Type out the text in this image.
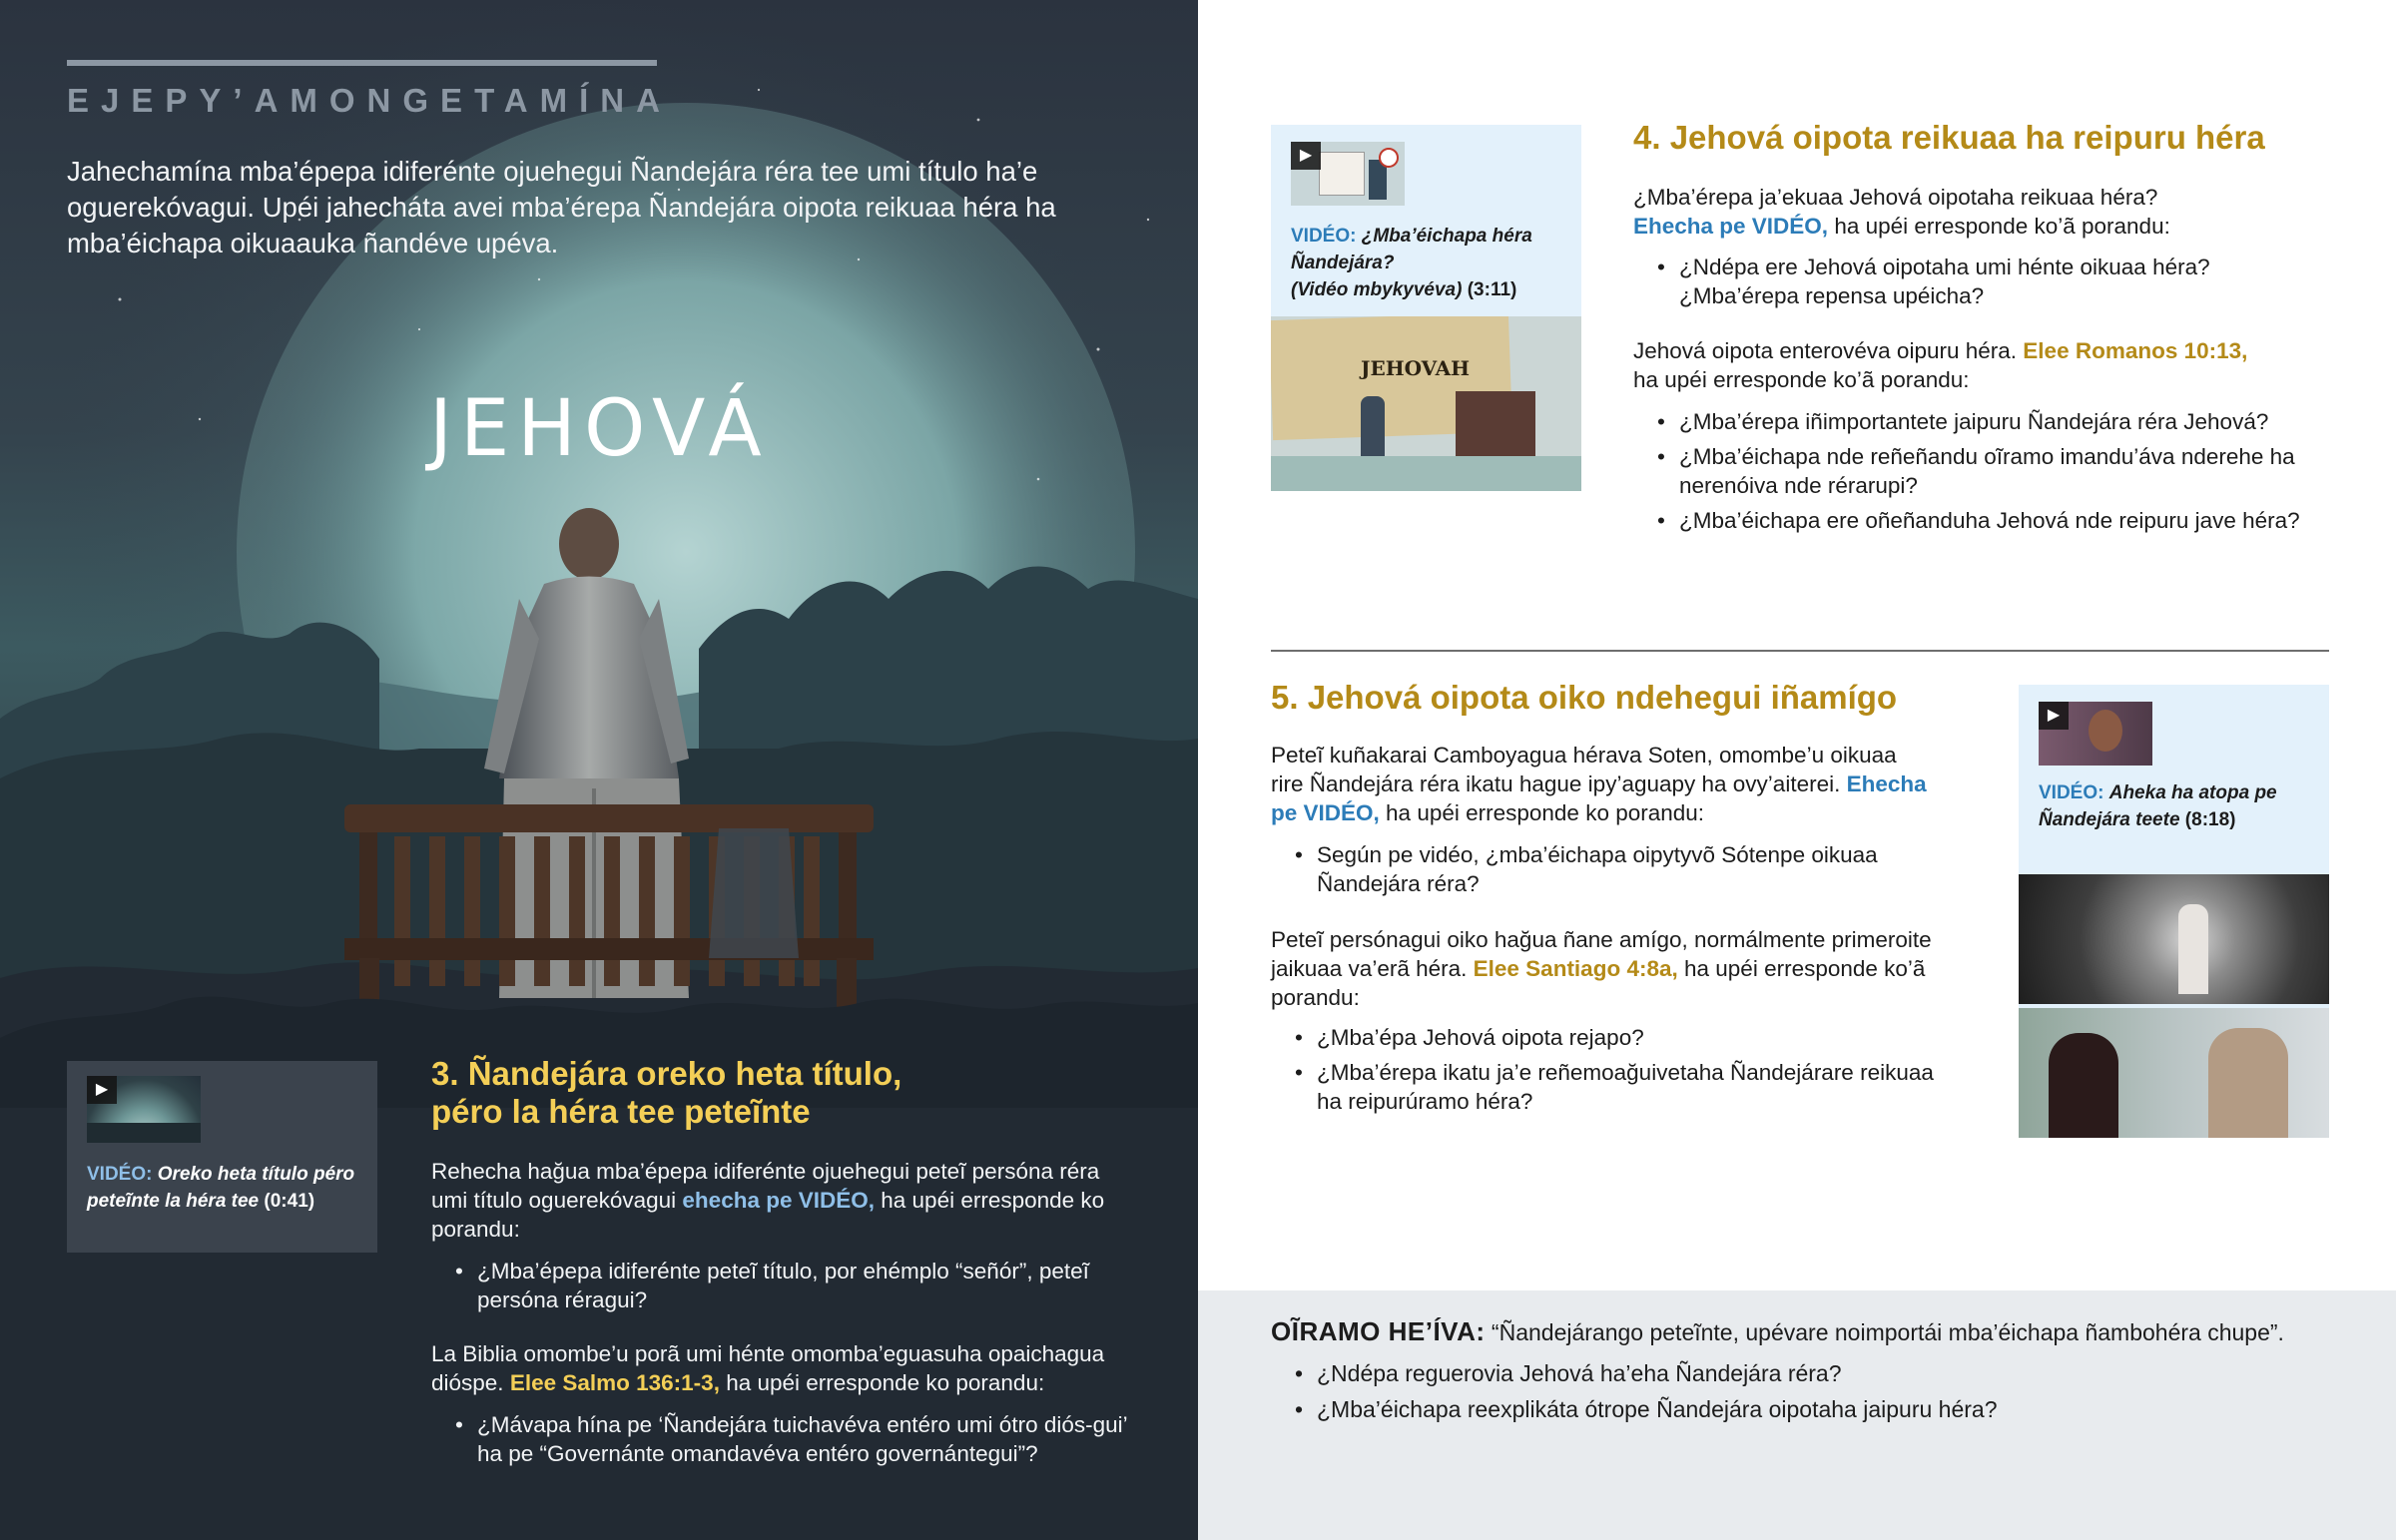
EJEPY’AMONGETAMÍNA
Jahechamína mba’épepa idiferénte ojuehegui Ñandejára réra tee umi título ha’e oguerekóvagui. Upéi jahecháta avei mba’érepa Ñandejára oipota reikuaa héra ha mba’éichapa oikuaauka ñandéve upéva.
JEHOVÁ
▶
VIDÉO: Oreko heta título péro peteĩnte la héra tee (0:41)
3. Ñandejára oreko heta título,
péro la héra tee peteĩnte
Rehecha hağua mba’épepa idiferénte ojuehegui peteĩ persóna réra umi título oguerekóvagui ehecha pe VIDÉO, ha upéi erresponde ko porandu:
• ¿Mba’épepa idiferénte peteĩ título, por ehémplo “señór”, peteĩ persóna réragui?
La Biblia omombe’u porã umi hénte omomba’eguasuha opaichagua dióspe. Elee Salmo 136:1-3, ha upéi erresponde ko porandu:
• ¿Mávapa hína pe ‘Ñandejára tuichavéva entéro umi ótro diós-gui’ ha pe “Governánte omandavéva entéro governántegui”?
▶
VIDÉO: ¿Mba’éichapa héra Ñandejára?
(Vidéo mbykyvéva) (3:11)
JEHOVAH
4. Jehová oipota reikuaa ha reipuru héra
¿Mba’érepa ja’ekuaa Jehová oipotaha reikuaa héra?
Ehecha pe VIDÉO, ha upéi erresponde ko’ã porandu:
• ¿Ndépa ere Jehová oipotaha umi hénte oikuaa héra? ¿Mba’érepa repensa upéicha?
Jehová oipota enterovéva oipuru héra. Elee Romanos 10:13,
ha upéi erresponde ko’ã porandu:
• ¿Mba’érepa iñimportantete jaipuru Ñandejára réra Jehová?
• ¿Mba’éichapa nde reñeñandu oĩramo imandu’áva nderehe ha nerenóiva nde rérarupi?
• ¿Mba’éichapa ere oñeñanduha Jehová nde reipuru jave héra?
5. Jehová oipota oiko ndehegui iñamígo
Peteĩ kuñakarai Camboyagua hérava Soten, omombe’u oikuaa rire Ñandejára réra ikatu hague ipy’aguapy ha ovy’aiterei. Ehecha pe VIDÉO, ha upéi erresponde ko porandu:
• Según pe vidéo, ¿mba’éichapa oipytyvõ Sótenpe oikuaa Ñandejára réra?
Peteĩ persónagui oiko hağua ñane amígo, normálmente primeroite jaikuaa va’erã héra. Elee Santiago 4:8a, ha upéi erresponde ko’ã porandu:
• ¿Mba’épa Jehová oipota rejapo?
• ¿Mba’érepa ikatu ja’e reñemoağuivetaha Ñandejárare reikuaa ha reipurúramo héra?
▶
VIDÉO: Aheka ha atopa pe Ñandejára teete (8:18)
OĨRAMO HE’ÍVA: “Ñandejárango peteĩnte, upévare noimportái mba’éichapa ñambohéra chupe”.
• ¿Ndépa reguerovia Jehová ha’eha Ñandejára réra?
• ¿Mba’éichapa reexplikáta ótrope Ñandejára oipotaha jaipuru héra?
